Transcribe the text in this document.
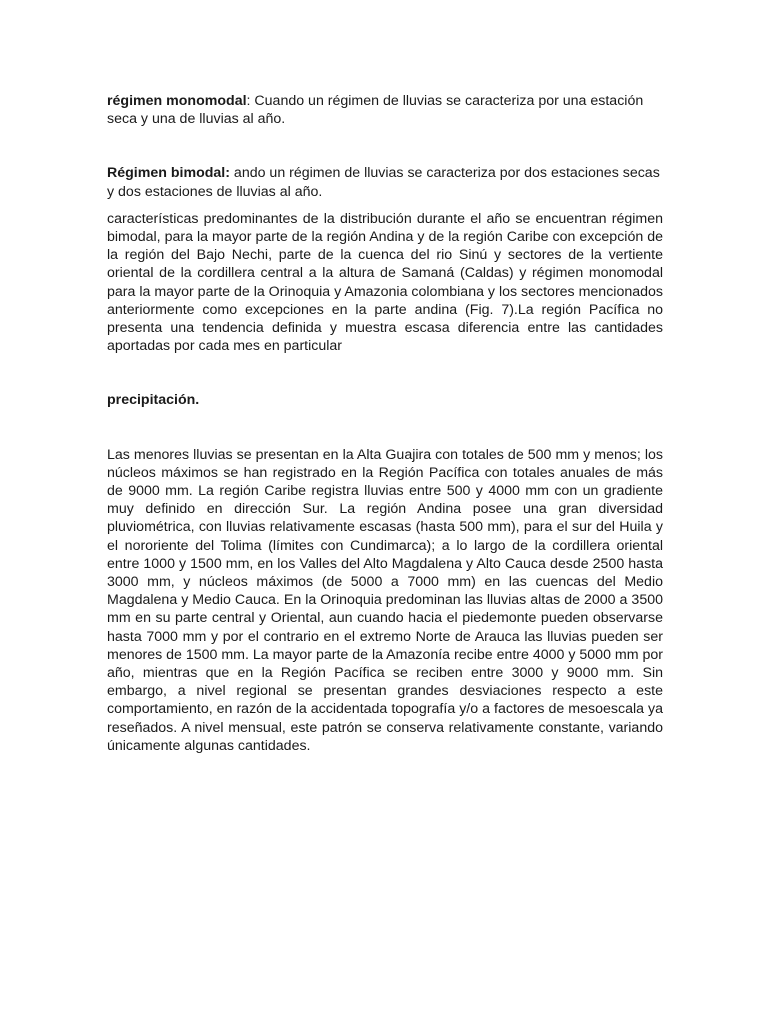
régimen monomodal: Cuando un régimen de lluvias se caracteriza por una estación seca y una de lluvias al año.

Régimen bimodal: ando un régimen de lluvias se caracteriza por dos estaciones secas y dos estaciones de lluvias al año.

características predominantes de la distribución durante el año se encuentran régimen bimodal, para la mayor parte de la región Andina y de la región Caribe con excepción de la región del Bajo Nechi, parte de la cuenca del rio Sinú y sectores de la vertiente oriental de la cordillera central a la altura de Samaná (Caldas) y régimen monomodal para la mayor parte de la Orinoquia y Amazonia colombiana y los sectores mencionados anteriormente como excepciones en la parte andina (Fig. 7).La región Pacífica no presenta una tendencia definida y muestra escasa diferencia entre las cantidades aportadas por cada mes en particular

precipitación.

Las menores lluvias se presentan en la Alta Guajira con totales de 500 mm y menos; los núcleos máximos se han registrado en la Región Pacífica con totales anuales de más de 9000 mm. La región Caribe registra lluvias entre 500 y 4000 mm con un gradiente muy definido en dirección Sur. La región Andina posee una gran diversidad pluviométrica, con lluvias relativamente escasas (hasta 500 mm), para el sur del Huila y el nororiente del Tolima (límites con Cundimarca); a lo largo de la cordillera oriental entre 1000 y 1500 mm, en los Valles del Alto Magdalena y Alto Cauca desde 2500 hasta 3000 mm, y núcleos máximos (de 5000 a 7000 mm) en las cuencas del Medio Magdalena y Medio Cauca. En la Orinoquia predominan las lluvias altas de 2000 a 3500 mm en su parte central y Oriental, aun cuando hacia el piedemonte pueden observarse hasta 7000 mm y por el contrario en el extremo Norte de Arauca las lluvias pueden ser menores de 1500 mm. La mayor parte de la Amazonía recibe entre 4000 y 5000 mm por año, mientras que en la Región Pacífica se reciben entre 3000 y 9000 mm. Sin embargo, a nivel regional se presentan grandes desviaciones respecto a este comportamiento, en razón de la accidentada topografía y/o a factores de mesoescala ya reseñados. A nivel mensual, este patrón se conserva relativamente constante, variando únicamente algunas cantidades.
